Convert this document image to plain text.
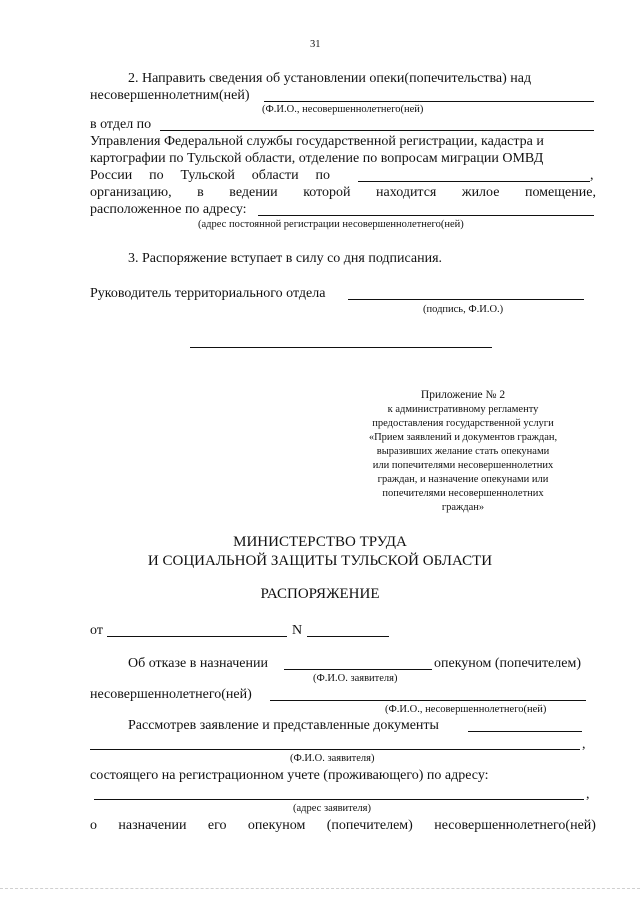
31
2. Направить сведения об установлении опеки(попечительства) над
несовершеннолетним(ней)
(Ф.И.О., несовершеннолетнего(ней)
в отдел по
Управления Федеральной службы государственной регистрации, кадастра и
картографии по Тульской области, отделение по вопросам миграции ОМВД
России по Тульской области по	,
организацию, в ведении которой находится жилое помещение,
расположенное по адресу:
(адрес постоянной регистрации несовершеннолетнего(ней)
3. Распоряжение вступает в силу со дня подписания.
Руководитель территориального отдела
(подпись, Ф.И.О.)
Приложение № 2
к административному регламенту
предоставления государственной услуги
«Прием заявлений и документов граждан,
выразивших желание стать опекунами
или попечителями несовершеннолетних
граждан, и назначение опекунами или
попечителями несовершеннолетних
граждан»
МИНИСТЕРСТВО ТРУДА
И СОЦИАЛЬНОЙ ЗАЩИТЫ ТУЛЬСКОЙ ОБЛАСТИ
РАСПОРЯЖЕНИЕ
от	N
Об отказе в назначении	опекуном (попечителем)
(Ф.И.О. заявителя)
несовершеннолетнего(ней)
(Ф.И.О., несовершеннолетнего(ней)
Рассмотрев заявление и представленные документы
,
(Ф.И.О. заявителя)
состоящего на регистрационном учете (проживающего) по адресу:
,
(адрес заявителя)
о назначении его опекуном (попечителем) несовершеннолетнего(ней)
